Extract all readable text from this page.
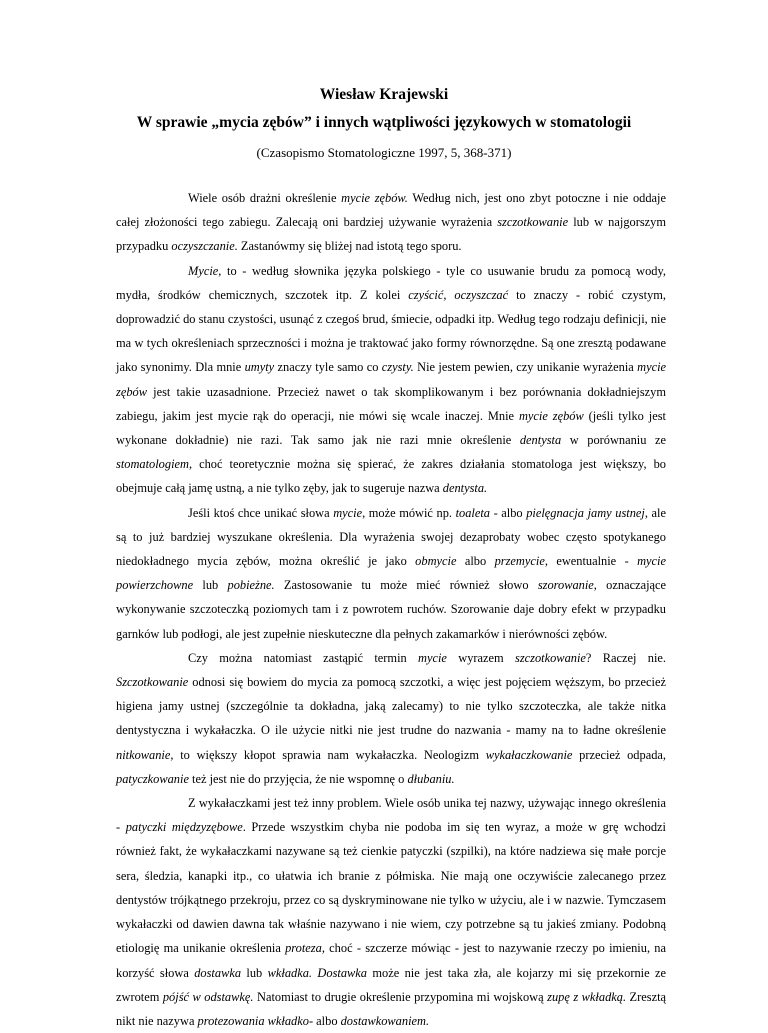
Wiesław Krajewski
W sprawie „mycia zębów” i innych wątpliwości językowych w stomatologii
(Czasopismo Stomatologiczne 1997, 5, 368-371)

Wiele osób drażni określenie mycie zębów. Według nich, jest ono zbyt potoczne i nie oddaje całej złożoności tego zabiegu. Zalecają oni bardziej używanie wyrażenia szczotkowanie lub w najgorszym przypadku oczyszczanie. Zastanówmy się bliżej nad istotą tego sporu.

Mycie, to - według słownika języka polskiego - tyle co usuwanie brudu za pomocą wody, mydła, środków chemicznych, szczotek itp. Z kolei czyścić, oczyszczać to znaczy - robić czystym, doprowadzić do stanu czystości, usunąć z czegoś brud, śmiecie, odpadki itp. Według tego rodzaju definicji, nie ma w tych określeniach sprzeczności i można je traktować jako formy równorzędne. Są one zresztą podawane jako synonimy. Dla mnie umyty znaczy tyle samo co czysty. Nie jestem pewien, czy unikanie wyrażenia mycie zębów jest takie uzasadnione. Przecież nawet o tak skomplikowanym i bez porównania dokładniejszym zabiegu, jakim jest mycie rąk do operacji, nie mówi się wcale inaczej. Mnie mycie zębów (jeśli tylko jest wykonane dokładnie) nie razi. Tak samo jak nie razi mnie określenie dentysta w porównaniu ze stomatologiem, choć teoretycznie można się spierać, że zakres działania stomatologa jest większy, bo obejmuje całą jamę ustną, a nie tylko zęby, jak to sugeruje nazwa dentysta.

Jeśli ktoś chce unikać słowa mycie, może mówić np. toaleta - albo pielęgnacja jamy ustnej, ale są to już bardziej wyszukane określenia. Dla wyrażenia swojej dezaprobaty wobec często spotykanego niedokładnego mycia zębów, można określić je jako obmycie albo przemycie, ewentualnie - mycie powierzchowne lub pobieżne. Zastosowanie tu może mieć również słowo szorowanie, oznaczające wykonywanie szczoteczką poziomych tam i z powrotem ruchów. Szorowanie daje dobry efekt w przypadku garnków lub podłogi, ale jest zupełnie nieskuteczne dla pełnych zakamarków i nierówności zębów.

Czy można natomiast zastąpić termin mycie wyrazem szczotkowanie? Raczej nie. Szczotkowanie odnosi się bowiem do mycia za pomocą szczotki, a więc jest pojęciem węższym, bo przecież higiena jamy ustnej (szczególnie ta dokładna, jaką zalecamy) to nie tylko szczoteczka, ale także nitka dentystyczna i wykałaczka. O ile użycie nitki nie jest trudne do nazwania - mamy na to ładne określenie nitkowanie, to większy kłopot sprawia nam wykałaczka. Neologizm wykałaczkowanie przecież odpada, patyczkowanie też jest nie do przyjęcia, że nie wspomnę o dłubaniu.

Z wykałaczkami jest też inny problem. Wiele osób unika tej nazwy, używając innego określenia - patyczki międzyzębowe. Przede wszystkim chyba nie podoba im się ten wyraz, a może w grę wchodzi również fakt, że wykałaczkami nazywane są też cienkie patyczki (szpilki), na które nadziewa się małe porcje sera, śledzia, kanapki itp., co ułatwia ich branie z półmiska. Nie mają one oczywiście zalecanego przez dentystów trójkątnego przekroju, przez co są dyskryminowane nie tylko w użyciu, ale i w nazwie. Tymczasem wykałaczki od dawien dawna tak właśnie nazywano i nie wiem, czy potrzebne są tu jakieś zmiany. Podobną etiologię ma unikanie określenia proteza, choć - szczerze mówiąc - jest to nazywanie rzeczy po imieniu, na korzyść słowa dostawka lub wkładka. Dostawka może nie jest taka zła, ale kojarzy mi się przekornie ze zwrotem pójść w odstawkę. Natomiast to drugie określenie przypomina mi wojskową zupę z wkładką. Zresztą nikt nie nazywa protezowania wkładko- albo dostawkowaniem.
